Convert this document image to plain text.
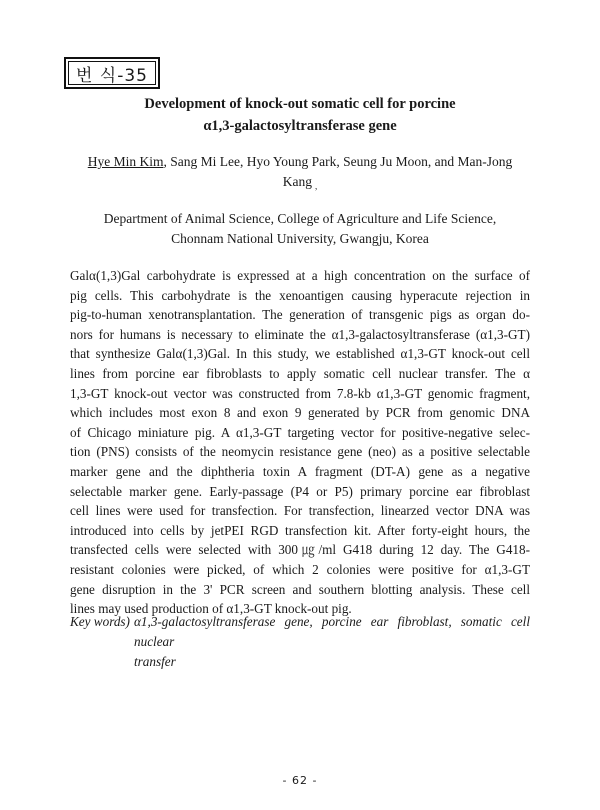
번 식-35
Development of knock-out somatic cell for porcine
α1,3-galactosyltransferase gene
Hye Min Kim, Sang Mi Lee, Hyo Young Park, Seung Ju Moon, and Man-Jong
Kang $_,$
Department of Animal Science, College of Agriculture and Life Science,
Chonnam National University, Gwangju, Korea
Galα(1,3)Gal carbohydrate is expressed at a high concentration on the surface of
pig cells. This carbohydrate is the xenoantigen causing hyperacute rejection in
pig-to-human xenotransplantation. The generation of transgenic pigs as organ do-
nors for humans is necessary to eliminate the α1,3-galactosyltransferase (α1,3-GT)
that synthesize Galα(1,3)Gal. In this study, we established α1,3-GT knock-out cell
lines from porcine ear fibroblasts to apply somatic cell nuclear transfer. The α
1,3-GT knock-out vector was constructed from 7.8-kb α1,3-GT genomic fragment,
which includes most exon 8 and exon 9 generated by PCR from genomic DNA
of Chicago miniature pig. A α1,3-GT targeting vector for positive-negative selec-
tion (PNS) consists of the neomycin resistance gene (neo) as a positive selectable
marker gene and the diphtheria toxin A fragment (DT-A) gene as a negative
selectable marker gene. Early-passage (P4 or P5) primary porcine ear fibroblast
cell lines were used for transfection. For transfection, linearzed vector DNA was
introduced into cells by jetPEI RGD transfection kit. After forty-eight hours, the
transfected cells were selected with 300㎍/ml G418 during 12 day. The G418-
resistant colonies were picked, of which 2 colonies were positive for α1,3-GT
gene disruption in the 3' PCR screen and southern blotting analysis. These cell
lines may used production of α1,3-GT knock-out pig.
Key words) α1,3-galactosyltransferase gene, porcine ear fibroblast, somatic cell nuclear
transfer
- 62 -
